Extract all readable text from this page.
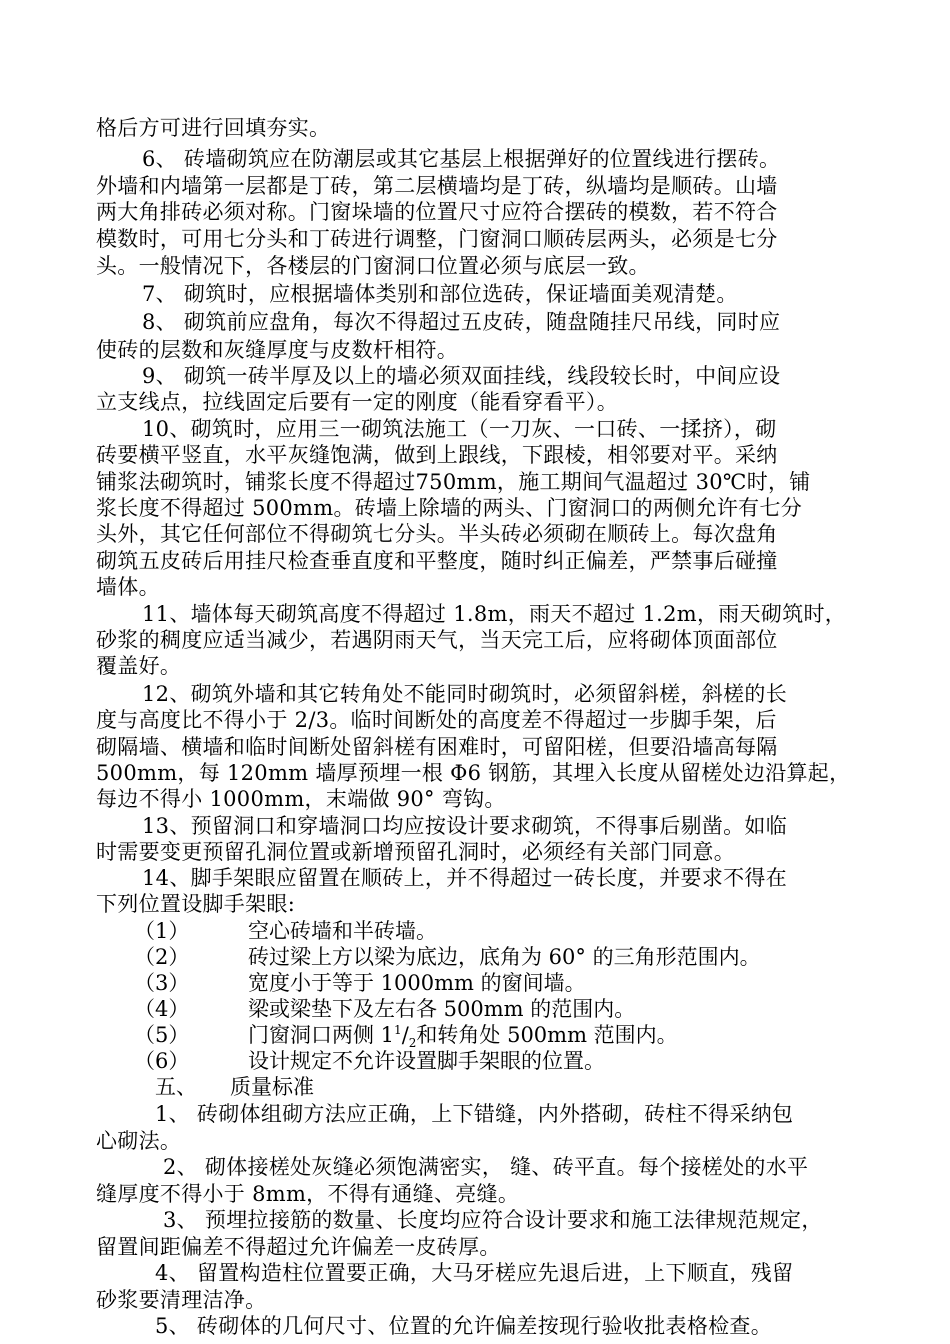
格后方可进行回填夯实。
6、 砖墙砌筑应在防潮层或其它基层上根据弹好的位置线进行摆砖。
外墙和内墙第一层都是丁砖，第二层横墙均是丁砖，纵墙均是顺砖。山墙
两大角排砖必须对称。门窗垛墙的位置尺寸应符合摆砖的模数，若不符合
模数时，可用七分头和丁砖进行调整，门窗洞口顺砖层两头，必须是七分
头。一般情况下，各楼层的门窗洞口位置必须与底层一致。
7、 砌筑时，应根据墙体类别和部位选砖，保证墙面美观清楚。
8、 砌筑前应盘角，每次不得超过五皮砖，随盘随挂尺吊线，同时应
使砖的层数和灰缝厚度与皮数杆相符。
9、 砌筑一砖半厚及以上的墙必须双面挂线，线段较长时，中间应设
立支线点，拉线固定后要有一定的刚度（能看穿看平）。
10、砌筑时，应用三一砌筑法施工（一刀灰、一口砖、一揉挤），砌
砖要横平竖直，水平灰缝饱满，做到上跟线，下跟棱，相邻要对平。采纳
铺浆法砌筑时，铺浆长度不得超过750mm，施工期间气温超过 30℃时，铺
浆长度不得超过 500mm。砖墙上除墙的两头、门窗洞口的两侧允许有七分
头外，其它任何部位不得砌筑七分头。半头砖必须砌在顺砖上。每次盘角
砌筑五皮砖后用挂尺检查垂直度和平整度，随时纠正偏差，严禁事后碰撞
墙体。
11、墙体每天砌筑高度不得超过 1.8m，雨天不超过 1.2m，雨天砌筑时，
砂浆的稠度应适当减少，若遇阴雨天气，当天完工后，应将砌体顶面部位
覆盖好。
12、砌筑外墙和其它转角处不能同时砌筑时，必须留斜槎，斜槎的长
度与高度比不得小于 2/3。临时间断处的高度差不得超过一步脚手架，后
砌隔墙、横墙和临时间断处留斜槎有困难时，可留阳槎，但要沿墙高每隔
500mm，每 120mm 墙厚预埋一根 Φ6 钢筋，其埋入长度从留槎处边沿算起，
每边不得小 1000mm，末端做 90° 弯钩。
13、预留洞口和穿墙洞口均应按设计要求砌筑，不得事后剔凿。如临
时需要变更预留孔洞位置或新增预留孔洞时，必须经有关部门同意。
14、脚手架眼应留置在顺砖上，并不得超过一砖长度，并要求不得在
下列位置设脚手架眼:
（1）	空心砖墙和半砖墙。
（2）	砖过梁上方以梁为底边，底角为 60° 的三角形范围内。
（3）	宽度小于等于 1000mm 的窗间墙。
（4）	梁或梁垫下及左右各 500mm 的范围内。
（5）	门窗洞口两侧 $1^1/_2$和转角处 500mm 范围内。
（6）	设计规定不允许设置脚手架眼的位置。
五、 质量标准
1、 砖砌体组砌方法应正确，上下错缝，内外搭砌，砖柱不得采纳包
心砌法。
2、 砌体接槎处灰缝必须饱满密实， 缝、砖平直。每个接槎处的水平
缝厚度不得小于 8mm，不得有通缝、亮缝。
3、 预埋拉接筋的数量、长度均应符合设计要求和施工法律规范规定，
留置间距偏差不得超过允许偏差一皮砖厚。
4、 留置构造柱位置要正确，大马牙槎应先退后进，上下顺直，残留
砂浆要清理洁净。
5、 砖砌体的几何尺寸、位置的允许偏差按现行验收批表格检查。
